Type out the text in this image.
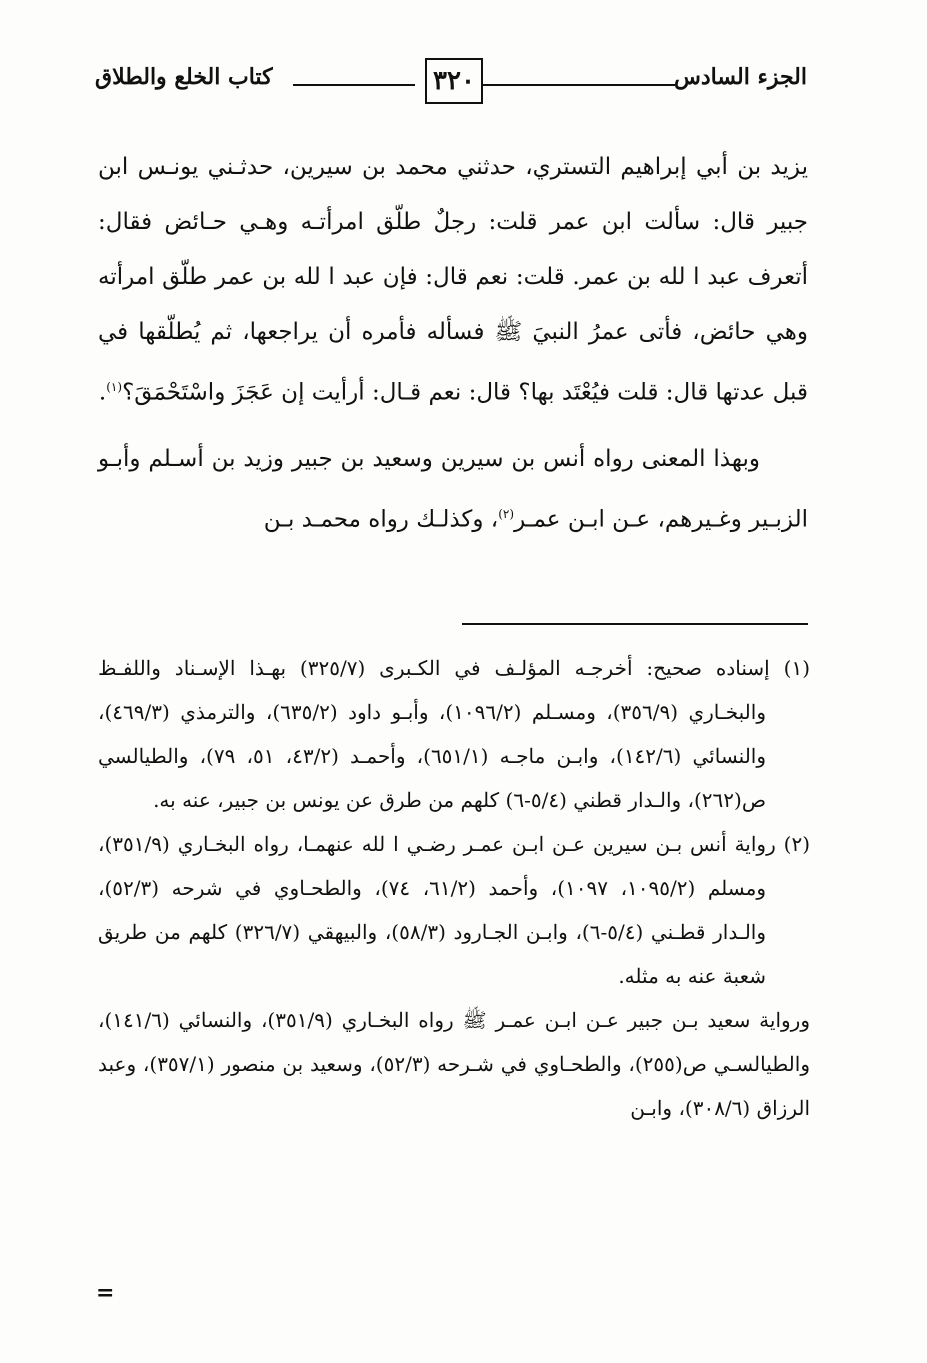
الجزء السادس
٣٢٠
كتاب الخلع والطلاق

يزيد بن أبي إبراهيم التستري، حدثني محمد بن سيرين، حدثـني يونـس ابن جبير قال: سألت ابن عمر قلت: رجلٌ طلّق امرأتـه وهـي حـائض فقال: أتعرف عبد ا لله بن عمر. قلت: نعم قال: فإن عبد ا لله بن عمر طلّق امرأته وهي حائض، فأتى عمرُ النبيَ ﷺ فسأله فأمره أن يراجعها، ثم يُطلّقها في قبل عدتها قال: قلت فيُعْتَد بها؟ قال: نعم قـال: أرأيت إن عَجَزَ واسْتَحْمَقَ؟$^{(١)}$.

وبهذا المعنى رواه أنس بن سيرين وسعيد بن جبير وزيد بن أسـلم وأبـو الزبـير وغـيرهم، عـن ابـن عمـر$^{(٢)}$، وكذلـك رواه محمـد بـن

(١) إسناده صحيح: أخرجـه المؤلـف في الكـبرى (٣٢٥/٧) بهـذا الإسـناد واللفـظ والبخـاري (٣٥٦/٩)، ومسـلم (١٠٩٦/٢)، وأبـو داود (٦٣٥/٢)، والترمذي (٤٦٩/٣)، والنسائي (١٤٢/٦)، وابـن ماجـه (٦٥١/١)، وأحمـد (٤٣/٢، ٥١، ٧٩)، والطيالسي ص(٢٦٢)، والـدار قطني (٥/٤-٦) كلهم من طرق عن يونس بن جبير، عنه به.

(٢) رواية أنس بـن سيرين عـن ابـن عمـر رضـي ا لله عنهمـا، رواه البخـاري (٣٥١/٩)، ومسلم (١٠٩٥/٢، ١٠٩٧)، وأحمد (٦١/٢، ٧٤)، والطحـاوي في شرحه (٥٢/٣)، والـدار قطـني (٥/٤-٦)، وابـن الجـارود (٥٨/٣)، والبيهقي (٣٢٦/٧) كلهم من طريق شعبة عنه به مثله.

ورواية سعيد بـن جبير عـن ابـن عمـر ﷺ رواه البخـاري (٣٥١/٩)، والنسائي (١٤١/٦)، والطيالسـي ص(٢٥٥)، والطحـاوي في شـرحه (٥٢/٣)، وسعيد بن منصور (٣٥٧/١)، وعبد الرزاق (٣٠٨/٦)، وابـن

=
